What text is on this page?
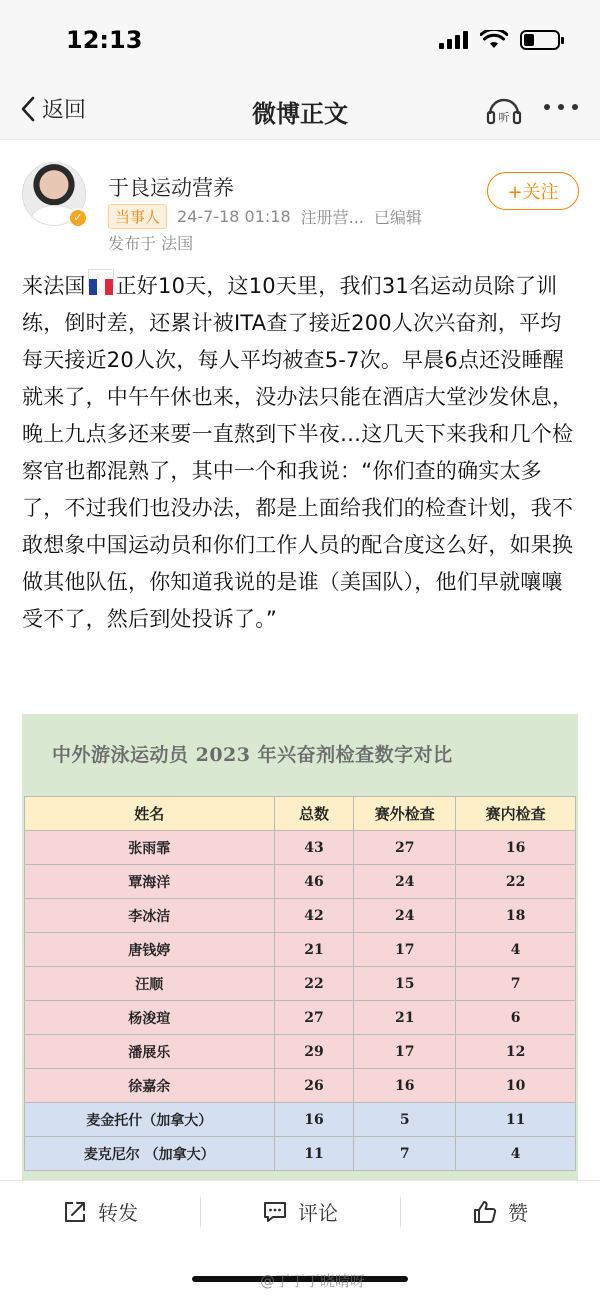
12:13
返回	微博正文	听
✓
于良运动营养	+关注
当事人	24-7-18 01:18 注册营... 已编辑
发布于 法国
来法国 正好10天，这10天里，我们31名运动员除了训练，倒时差，还累计被ITA查了接近200人次兴奋剂，平均每天接近20人次，每人平均被查5-7次。早晨6点还没睡醒就来了，中午午休也来，没办法只能在酒店大堂沙发休息，晚上九点多还来要一直熬到下半夜…这几天下来我和几个检察官也都混熟了，其中一个和我说：“你们查的确实太多了，不过我们也没办法，都是上面给我们的检查计划，我不敢想象中国运动员和你们工作人员的配合度这么好，如果换做其他队伍，你知道我说的是谁（美国队），他们早就嚷嚷受不了，然后到处投诉了。”
中外游泳运动员 2023 年兴奋剂检查数字对比
姓名	总数	赛外检查	赛内检查
张雨霏	43	27	16
覃海洋	46	24	22
李冰洁	42	24	18
唐钱婷	21	17	4
汪顺	22	15	7
杨浚瑄	27	21	6
潘展乐	29	17	12
徐嘉余	26	16	10
麦金托什（加拿大）	16	5	11
麦克尼尔 （加拿大）	11	7	4
转发	评论	赞
@丁丁丁晓晴呀
